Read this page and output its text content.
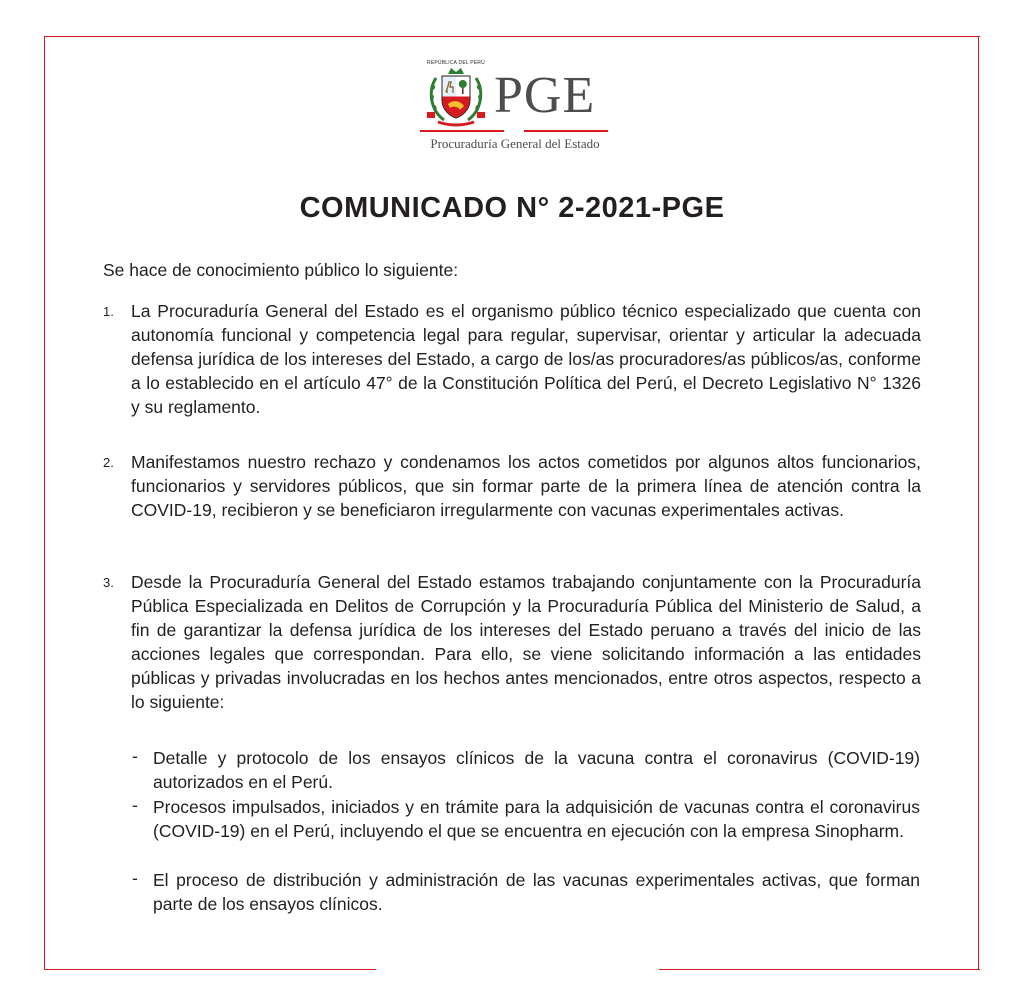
REPÚBLICA DEL PERÚ
PGE
Procuraduría General del Estado
COMUNICADO N° 2-2021-PGE
Se hace de conocimiento público lo siguiente:
1. La Procuraduría General del Estado es el organismo público técnico especializado que cuenta con autonomía funcional y competencia legal para regular, supervisar, orientar y articular la adecuada defensa jurídica de los intereses del Estado, a cargo de los/as procuradores/as públicos/as, conforme a lo establecido en el artículo 47° de la Constitución Política del Perú, el Decreto Legislativo N° 1326 y su reglamento.
2. Manifestamos nuestro rechazo y condenamos los actos cometidos por algunos altos funcionarios, funcionarios y servidores públicos, que sin formar parte de la primera línea de atención contra la COVID-19, recibieron y se beneficiaron irregularmente con vacunas experimentales activas.
3. Desde la Procuraduría General del Estado estamos trabajando conjuntamente con la Procuraduría Pública Especializada en Delitos de Corrupción y la Procuraduría Pública del Ministerio de Salud, a fin de garantizar la defensa jurídica de los intereses del Estado peruano a través del inicio de las acciones legales que correspondan. Para ello, se viene solicitando información a las entidades públicas y privadas involucradas en los hechos antes mencionados, entre otros aspectos, respecto a lo siguiente:
- Detalle y protocolo de los ensayos clínicos de la vacuna contra el coronavirus (COVID-19) autorizados en el Perú.
- Procesos impulsados, iniciados y en trámite para la adquisición de vacunas contra el coronavirus (COVID-19) en el Perú, incluyendo el que se encuentra en ejecución con la empresa Sinopharm.
- El proceso de distribución y administración de las vacunas experimentales activas, que forman parte de los ensayos clínicos.
